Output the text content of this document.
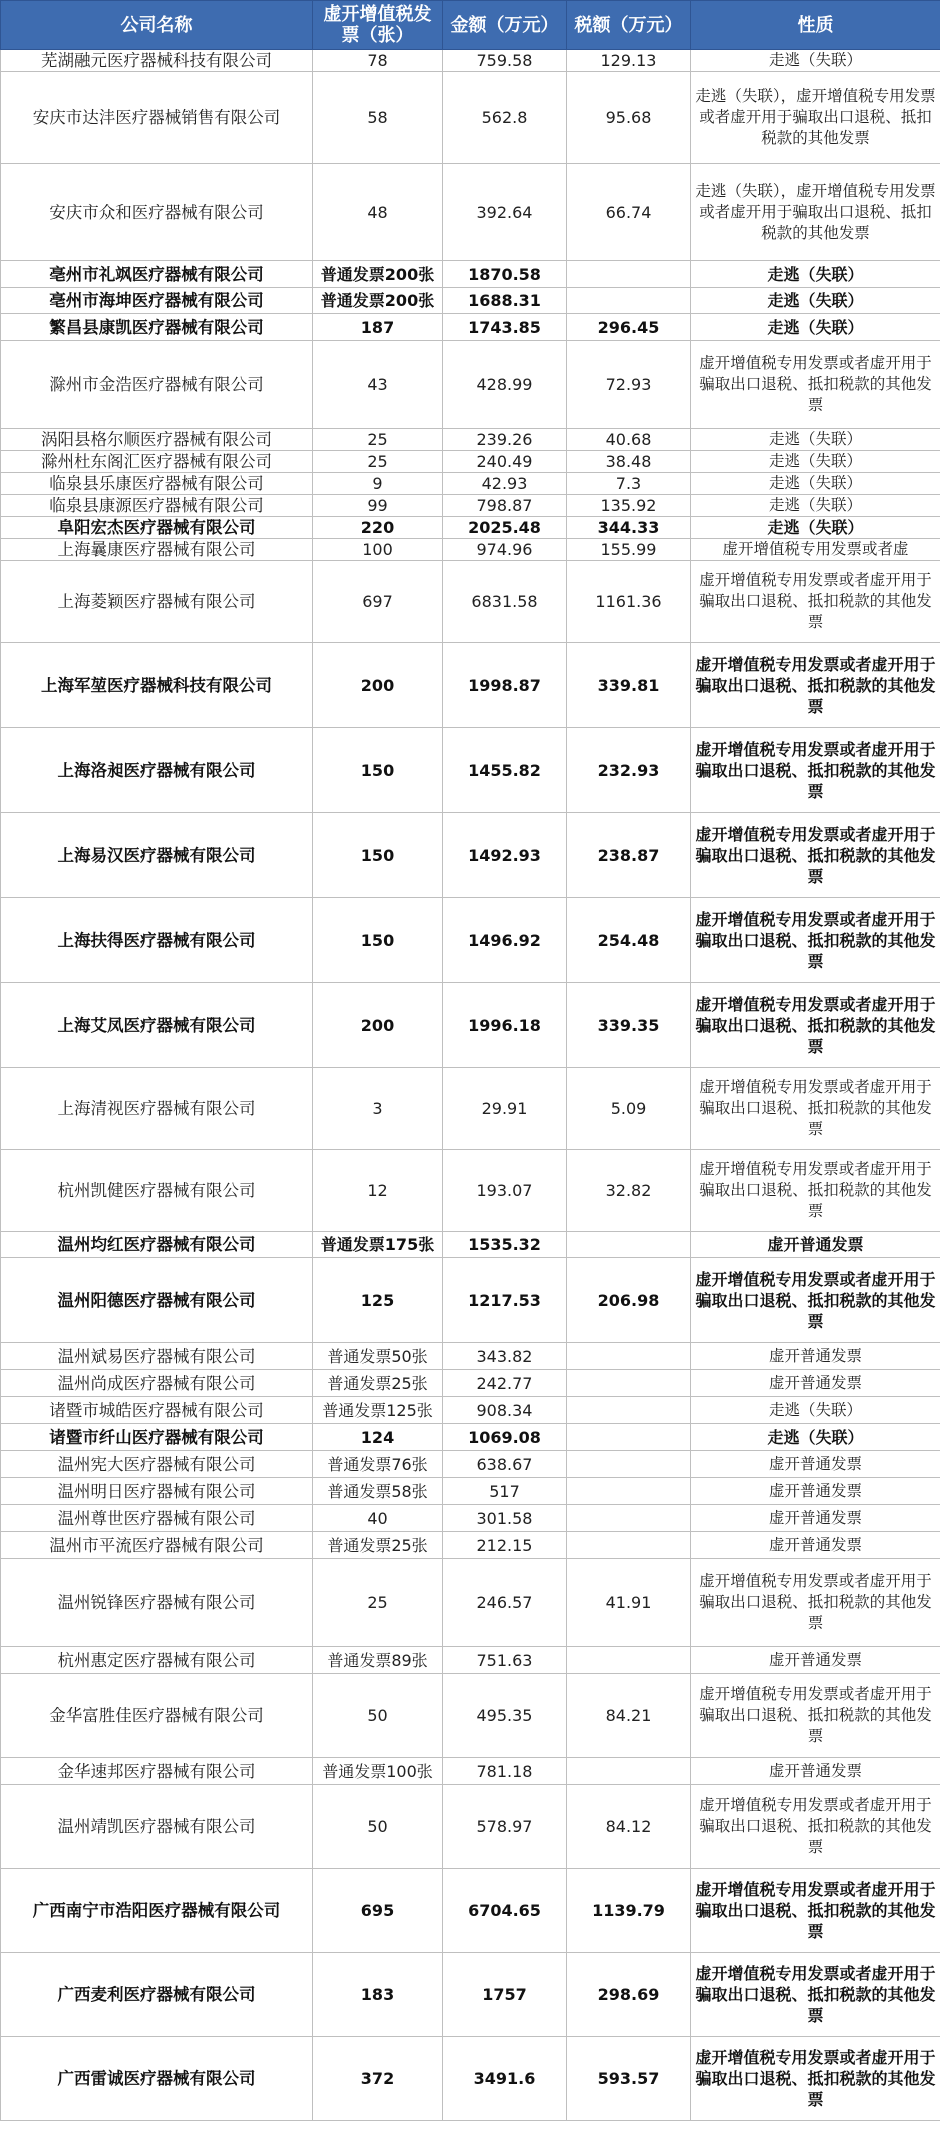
公司名称	虚开增值税发票（张）	金额（万元）	税额（万元）	性质
芜湖融元医疗器械科技有限公司	78	759.58	129.13	走逃（失联）
安庆市达沣医疗器械销售有限公司	58	562.8	95.68	走逃（失联），虚开增值税专用发票或者虚开用于骗取出口退税、抵扣税款的其他发票
安庆市众和医疗器械有限公司	48	392.64	66.74	走逃（失联），虚开增值税专用发票或者虚开用于骗取出口退税、抵扣税款的其他发票
亳州市礼飒医疗器械有限公司	普通发票200张	1870.58		走逃（失联）
亳州市海坤医疗器械有限公司	普通发票200张	1688.31		走逃（失联）
繁昌县康凯医疗器械有限公司	187	1743.85	296.45	走逃（失联）
滁州市金浩医疗器械有限公司	43	428.99	72.93	虚开增值税专用发票或者虚开用于骗取出口退税、抵扣税款的其他发票
涡阳县格尔顺医疗器械有限公司	25	239.26	40.68	走逃（失联）
滁州杜东阁汇医疗器械有限公司	25	240.49	38.48	走逃（失联）
临泉县乐康医疗器械有限公司	9	42.93	7.3	走逃（失联）
临泉县康源医疗器械有限公司	99	798.87	135.92	走逃（失联）
阜阳宏杰医疗器械有限公司	220	2025.48	344.33	走逃（失联）
上海曩康医疗器械有限公司	100	974.96	155.99	虚开增值税专用发票或者虚
上海菱颖医疗器械有限公司	697	6831.58	1161.36	虚开增值税专用发票或者虚开用于骗取出口退税、抵扣税款的其他发票
上海军堃医疗器械科技有限公司	200	1998.87	339.81	虚开增值税专用发票或者虚开用于骗取出口退税、抵扣税款的其他发票
上海洛昶医疗器械有限公司	150	1455.82	232.93	虚开增值税专用发票或者虚开用于骗取出口退税、抵扣税款的其他发票
上海易汉医疗器械有限公司	150	1492.93	238.87	虚开增值税专用发票或者虚开用于骗取出口退税、抵扣税款的其他发票
上海扶得医疗器械有限公司	150	1496.92	254.48	虚开增值税专用发票或者虚开用于骗取出口退税、抵扣税款的其他发票
上海艾凤医疗器械有限公司	200	1996.18	339.35	虚开增值税专用发票或者虚开用于骗取出口退税、抵扣税款的其他发票
上海清视医疗器械有限公司	3	29.91	5.09	虚开增值税专用发票或者虚开用于骗取出口退税、抵扣税款的其他发票
杭州凯健医疗器械有限公司	12	193.07	32.82	虚开增值税专用发票或者虚开用于骗取出口退税、抵扣税款的其他发票
温州均红医疗器械有限公司	普通发票175张	1535.32		虚开普通发票
温州阳德医疗器械有限公司	125	1217.53	206.98	虚开增值税专用发票或者虚开用于骗取出口退税、抵扣税款的其他发票
温州斌易医疗器械有限公司	普通发票50张	343.82		虚开普通发票
温州尚成医疗器械有限公司	普通发票25张	242.77		虚开普通发票
诸暨市城皓医疗器械有限公司	普通发票125张	908.34		走逃（失联）
诸暨市纤山医疗器械有限公司	124	1069.08		走逃（失联）
温州宪大医疗器械有限公司	普通发票76张	638.67		虚开普通发票
温州明日医疗器械有限公司	普通发票58张	517		虚开普通发票
温州尊世医疗器械有限公司	40	301.58		虚开普通发票
温州市平流医疗器械有限公司	普通发票25张	212.15		虚开普通发票
温州锐锋医疗器械有限公司	25	246.57	41.91	虚开增值税专用发票或者虚开用于骗取出口退税、抵扣税款的其他发票
杭州惠定医疗器械有限公司	普通发票89张	751.63		虚开普通发票
金华富胜佳医疗器械有限公司	50	495.35	84.21	虚开增值税专用发票或者虚开用于骗取出口退税、抵扣税款的其他发票
金华速邦医疗器械有限公司	普通发票100张	781.18		虚开普通发票
温州靖凯医疗器械有限公司	50	578.97	84.12	虚开增值税专用发票或者虚开用于骗取出口退税、抵扣税款的其他发票
广西南宁市浩阳医疗器械有限公司	695	6704.65	1139.79	虚开增值税专用发票或者虚开用于骗取出口退税、抵扣税款的其他发票
广西麦利医疗器械有限公司	183	1757	298.69	虚开增值税专用发票或者虚开用于骗取出口退税、抵扣税款的其他发票
广西雷诚医疗器械有限公司	372	3491.6	593.57	虚开增值税专用发票或者虚开用于骗取出口退税、抵扣税款的其他发票
